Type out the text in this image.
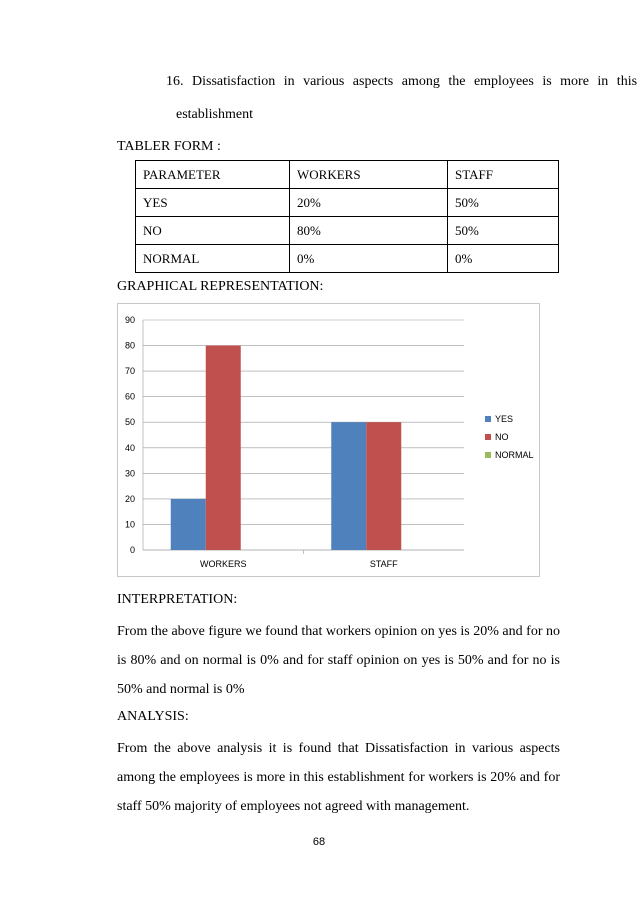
16. Dissatisfaction in various aspects among the employees is more in this
establishment
TABLER FORM :
PARAMETER	WORKERS	STAFF
YES	20%	50%
NO	80%	50%
NORMAL	0%	0%
GRAPHICAL REPRESENTATION:
0
10
20
30
40
50
60
70
80
90
WORKERS	STAFF
YES
NO
NORMAL
INTERPRETATION:
From the above figure we found that workers opinion on yes is 20% and for no is 80% and on normal is 0% and for staff opinion on yes is 50% and for no is 50% and normal is 0%
ANALYSIS:
From the above analysis it is found that Dissatisfaction in various aspects among the employees is more in this establishment for workers is 20% and for staff 50% majority of employees not agreed with management.
68
